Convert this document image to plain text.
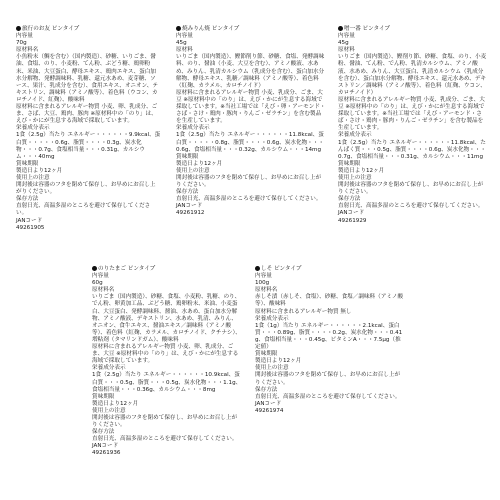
旅行のお友 ピンタイプ
内容量
70g
原材料名
小魚粉末（鯛を含む）（国内製造）、砂糖、いりごま、醤油、食塩、のり、小麦粉、てん粉、ぶどう糖、鶏卵粉末、米油、大豆蛋白、酵母エキス、鶏肉エキス、蛋白加水分解物、発酵調味料、乳糖、還元水あめ、麦芽糖、ソース、果汁、乳成分を含む）、食用エキス、オニオン、テキストリン、調味料（アミノ酸等）、着色料（ウコン、カロチノイド、紅麹）、酸味料
原材料に含まれるアレルギー物質 小麦、卵、乳成分、ごま、さば、大豆、鶏肉、豚肉 ※原材料中の「のり」は、えび・かにが生息する海域で採取しています。
栄養成分表示
1食（2.5g）当たり エネルギー・・・・・・9.9kcal、蛋白質・・・・・0.6g、脂質・・・・0.3g、炭水化物・・・0.7g、食塩相当量・・・0.31g、カルシウム・・・40mg
賞味期限
製造日より12ヶ月
使用上の注意
開封後は容器のフタを閉めて保存し、お早めにお召し上がりください。
保存方法
直射日光、高温多湿のところを避けて保存してください。
JANコード
49261905
焼みりん焼 ピンタイプ
内容量
45g
原材料
いりごま（国内製造）、鰹節削り節、砂糖、食塩、発酵調味料、のり、醤油（小麦、大豆を含む）、アミノ酸液、水あめ、みりん、乳清カルシウム（乳成分を含む）、蛋白加水分解物、酵母エキス、乳糖／調味料（アミノ酸等）、着色料（紅麹、カラメル、カロチノイド）
原材料に含まれるアレルギー物質 小麦、乳成分、ごま、大豆 ※原材料中の「のり」は、えび・かにが生息する海域で採取しています。※当社工場では「えび・卵・アーモンド・さば・さけ・鶏肉・豚肉・りんご・ゼラチン」を含む製品を生産しています。
栄養成分表示
1食（2.5g）当たり エネルギー・・・・・・11.8kcal、蛋白質・・・・・0.8g、脂質・・・・0.6g、炭水化物・・・0.6g、食塩相当量・・・0.32g、カルシウム・・・14mg
賞味期限
製造日より12ヶ月
使用上の注意
開封後は容器のフタを閉めて保存し、お早めにお召し上がりください。
保存方法
直射日光、高温多湿のところを避けて保存してください。
JANコード
49261912
噌一番 ピンタイプ
内容量
45g
原材料
いりごま（国内製造）、鰹削り節、砂糖、食塩、のり、小麦粉、醤油、てん粉、でん粉、乳清カルシウム、アミノ酸液、水あめ、みりん、大豆蛋白、乳清カルシウム（乳成分を含む）、蛋白加水分解物、酵母エキス、還元水あめ、デキストリン／調味料（アミノ酸等）、着色料（紅麹、ウコン、カロチノイド）
原材料に含まれるアレルギー物質 小麦、乳成分、ごま、大豆 ※原材料中の「のり」は、えび・かにが生息する海域で採取しています。※当社工場では「えび・アーモンド・さば・さけ・鶏肉・豚肉・りんご・ゼラチン」を含む製品を生産しています。
栄養成分表示
1食（2.5g）当たり エネルギー・・・・・・11.8kcal、たんぱく質・・・0.5g、脂質・・・・0.6g、炭水化物・・・0.7g、食塩相当量・・・0.31g、カルシウム・・・11mg
賞味期限
製造日より12ヶ月
使用上の注意
開封後は容器のフタを閉めて保存し、お早めにお召し上がりください。
保存方法
直射日光、高温多湿のところを避けて保存してください。
JANコード
49261929
のりたまご ピンタイプ
内容量
60g
原材料名
いりごま（国内製造）、砂糖、食塩、小麦粉、乳糖、のり、でん粉、卵黄加工品、ぶどう糖、鶏卵粉末、米油、小麦蛋白、大豆蛋白、発酵調味料、醤油、水あめ、蛋白加水分解物、アミノ酸液、デキストリン、水あめ、乳清、みりん、オニオン、食牛エキス、醤油エキス／調味料（アミノ酸等）、着色料（紅麹、カラメル、カロチノイド、クチナシ）、増粘剤（タマリンドガム）、酸味料
原材料に含まれるアレルギー物質 小麦、卵、乳成分、ごま、大豆 ※原材料中の「のり」は、えび・かにが生息する海域で採取しています。
栄養成分表示
1食（2.5g）当たり エネルギー・・・・・・10.9kcal、蛋白質・・・0.5g、脂質・・・0.5g、炭水化物・・・1.1g、食塩相当量・・・0.36g、カルシウム・・・8mg
賞味期限
製造日より12ヶ月
使用上の注意
開封後は容器のフタを閉めて保存し、お早めにお召し上がりください。
保存方法
直射日光、高温多湿のところを避けて保存してください。
JANコード
49261936
しそ ピンタイプ
内容量
100g
原材料名
赤しそ漬（赤しそ、食塩）、砂糖、食塩／調味料（アミノ酸等）、酸味料
原材料に含まれるアレルギー物質 無し
栄養成分表示
1食（1g）当たり エネルギー・・・・・・2.1kcal、蛋白質・・・0.89g、脂質・・・・0.2g、炭水化物・・・0.41g、食塩相当量・・・0.45g、ビタミンA・・・7.5μg（推定値）
賞味期限
製造日より12ヶ月
使用上の注意
開封後は容器のフタを閉めて保存し、お早めにお召し上がりください。
保存方法
直射日光、高温多湿のところを避けて保存してください。
JANコード
49261974
